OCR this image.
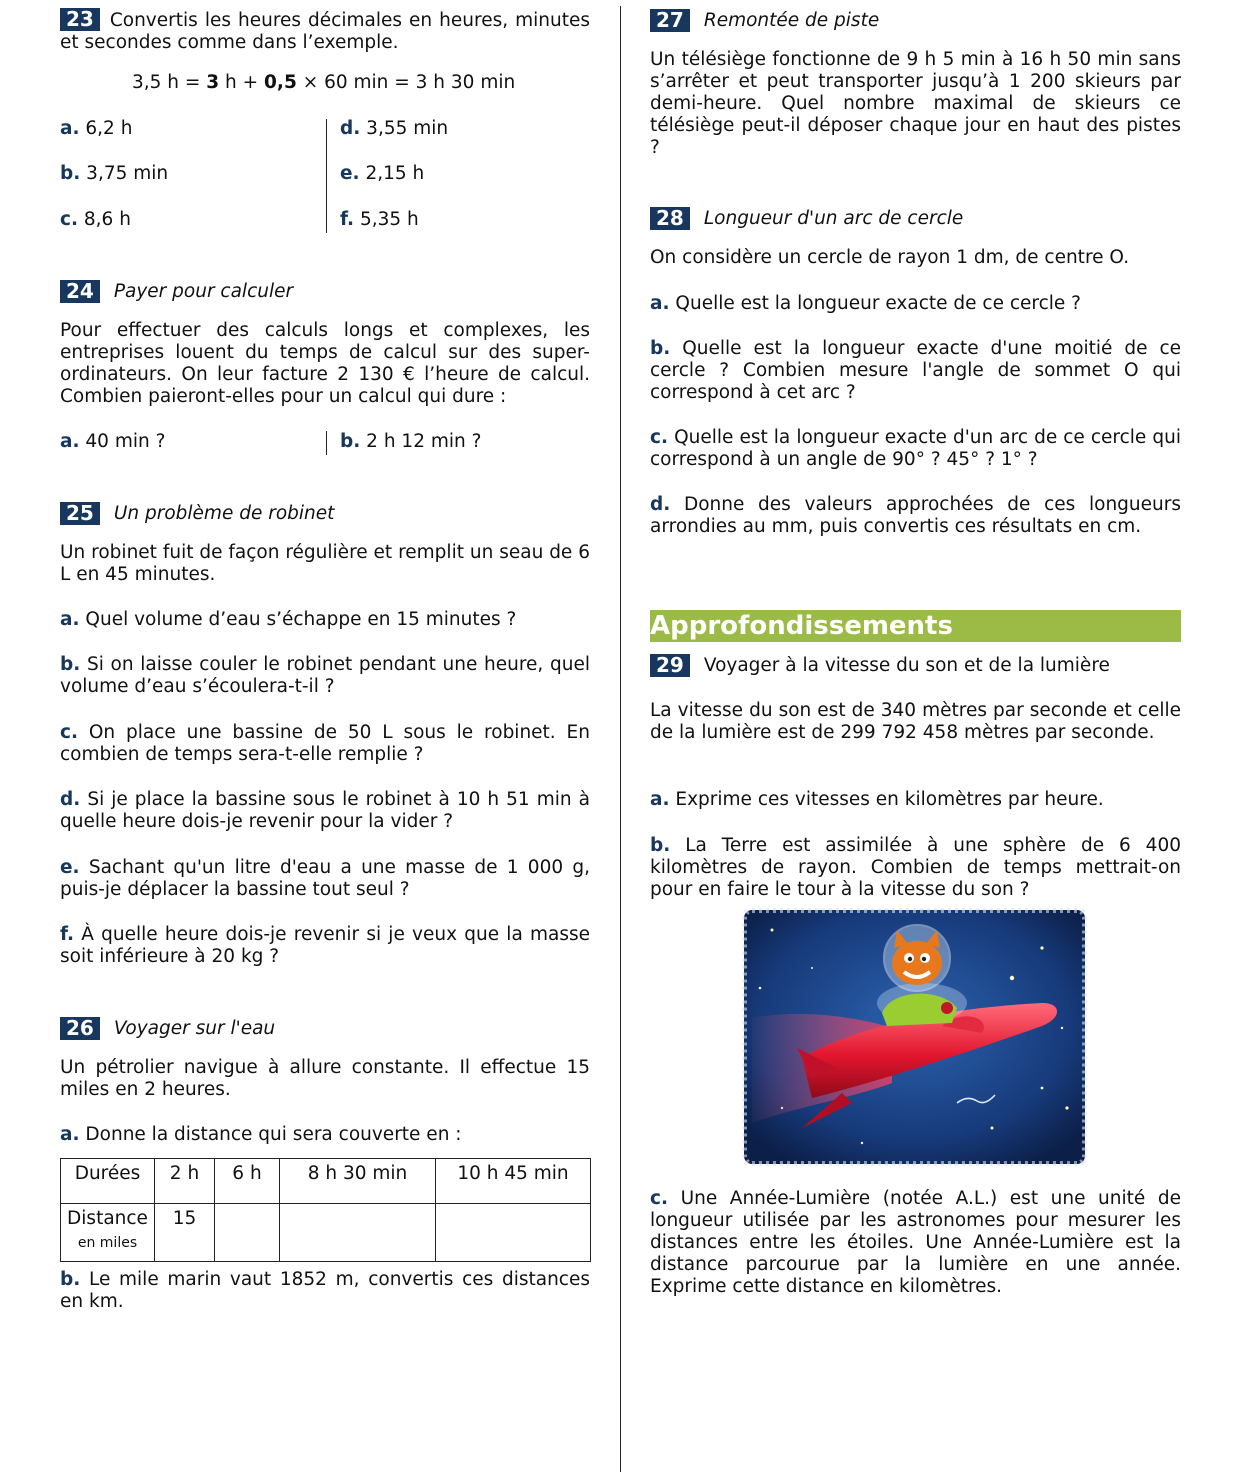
23 Convertis les heures décimales en heures, minutes et secondes comme dans l’exemple.

3,5 h = 3 h + 0,5 × 60 min = 3 h 30 min

a. 6,2 h
b. 3,75 min
c. 8,6 h
d. 3,55 min
e. 2,15 h
f. 5,35 h
24	Payer pour calculer

Pour effectuer des calculs longs et complexes, les entreprises louent du temps de calcul sur des super-ordinateurs. On leur facture 2 130 € l’heure de calcul. Combien paieront-elles pour un calcul qui dure :

a. 40 min ?	b. 2 h 12 min ?
25	Un problème de robinet

Un robinet fuit de façon régulière et remplit un seau de 6 L en 45 minutes.

a. Quel volume d’eau s’échappe en 15 minutes ?

b. Si on laisse couler le robinet pendant une heure, quel volume d’eau s’écoulera-t-il ?

c. On place une bassine de 50 L sous le robinet. En combien de temps sera-t-elle remplie ?

d. Si je place la bassine sous le robinet à 10 h 51 min à quelle heure dois-je revenir pour la vider ?

e. Sachant qu'un litre d'eau a une masse de 1 000 g, puis-je déplacer la bassine tout seul ?

f. À quelle heure dois-je revenir si je veux que la masse soit inférieure à 20 kg ?

26	Voyager sur l'eau

Un pétrolier navigue à allure constante. Il effectue 15 miles en 2 heures.

a. Donne la distance qui sera couverte en :

Durées	2 h	6 h	8 h 30 min	10 h 45 min
Distance
en miles	15			

b. Le mile marin vaut 1852 m, convertis ces distances en km.

27	Remontée de piste

Un télésiège fonctionne de 9 h 5 min à 16 h 50 min sans s’arrêter et peut transporter jusqu’à 1 200 skieurs par demi-heure. Quel nombre maximal de skieurs ce télésiège peut-il déposer chaque jour en haut des pistes ?

28	Longueur d'un arc de cercle

On considère un cercle de rayon 1 dm, de centre O.

a. Quelle est la longueur exacte de ce cercle ?

b. Quelle est la longueur exacte d'une moitié de ce cercle ? Combien mesure l'angle de sommet O qui correspond à cet arc ?

c. Quelle est la longueur exacte d'un arc de ce cercle qui correspond à un angle de 90° ? 45° ? 1° ?

d. Donne des valeurs approchées de ces longueurs arrondies au mm, puis convertis ces résultats en cm.

Approfondissements
29	Voyager à la vitesse du son et de la lumière

La vitesse du son est de 340 mètres par seconde et celle de la lumière est de 299 792 458 mètres par seconde.

a. Exprime ces vitesses en kilomètres par heure.

b. La Terre est assimilée à une sphère de 6 400 kilomètres de rayon. Combien de temps mettrait-on pour en faire le tour à la vitesse du son ?

c. Une Année-Lumière (notée A.L.) est une unité de longueur utilisée par les astronomes pour mesurer les distances entre les étoiles. Une Année-Lumière est la distance parcourue par la lumière en une année. Exprime cette distance en kilomètres.
